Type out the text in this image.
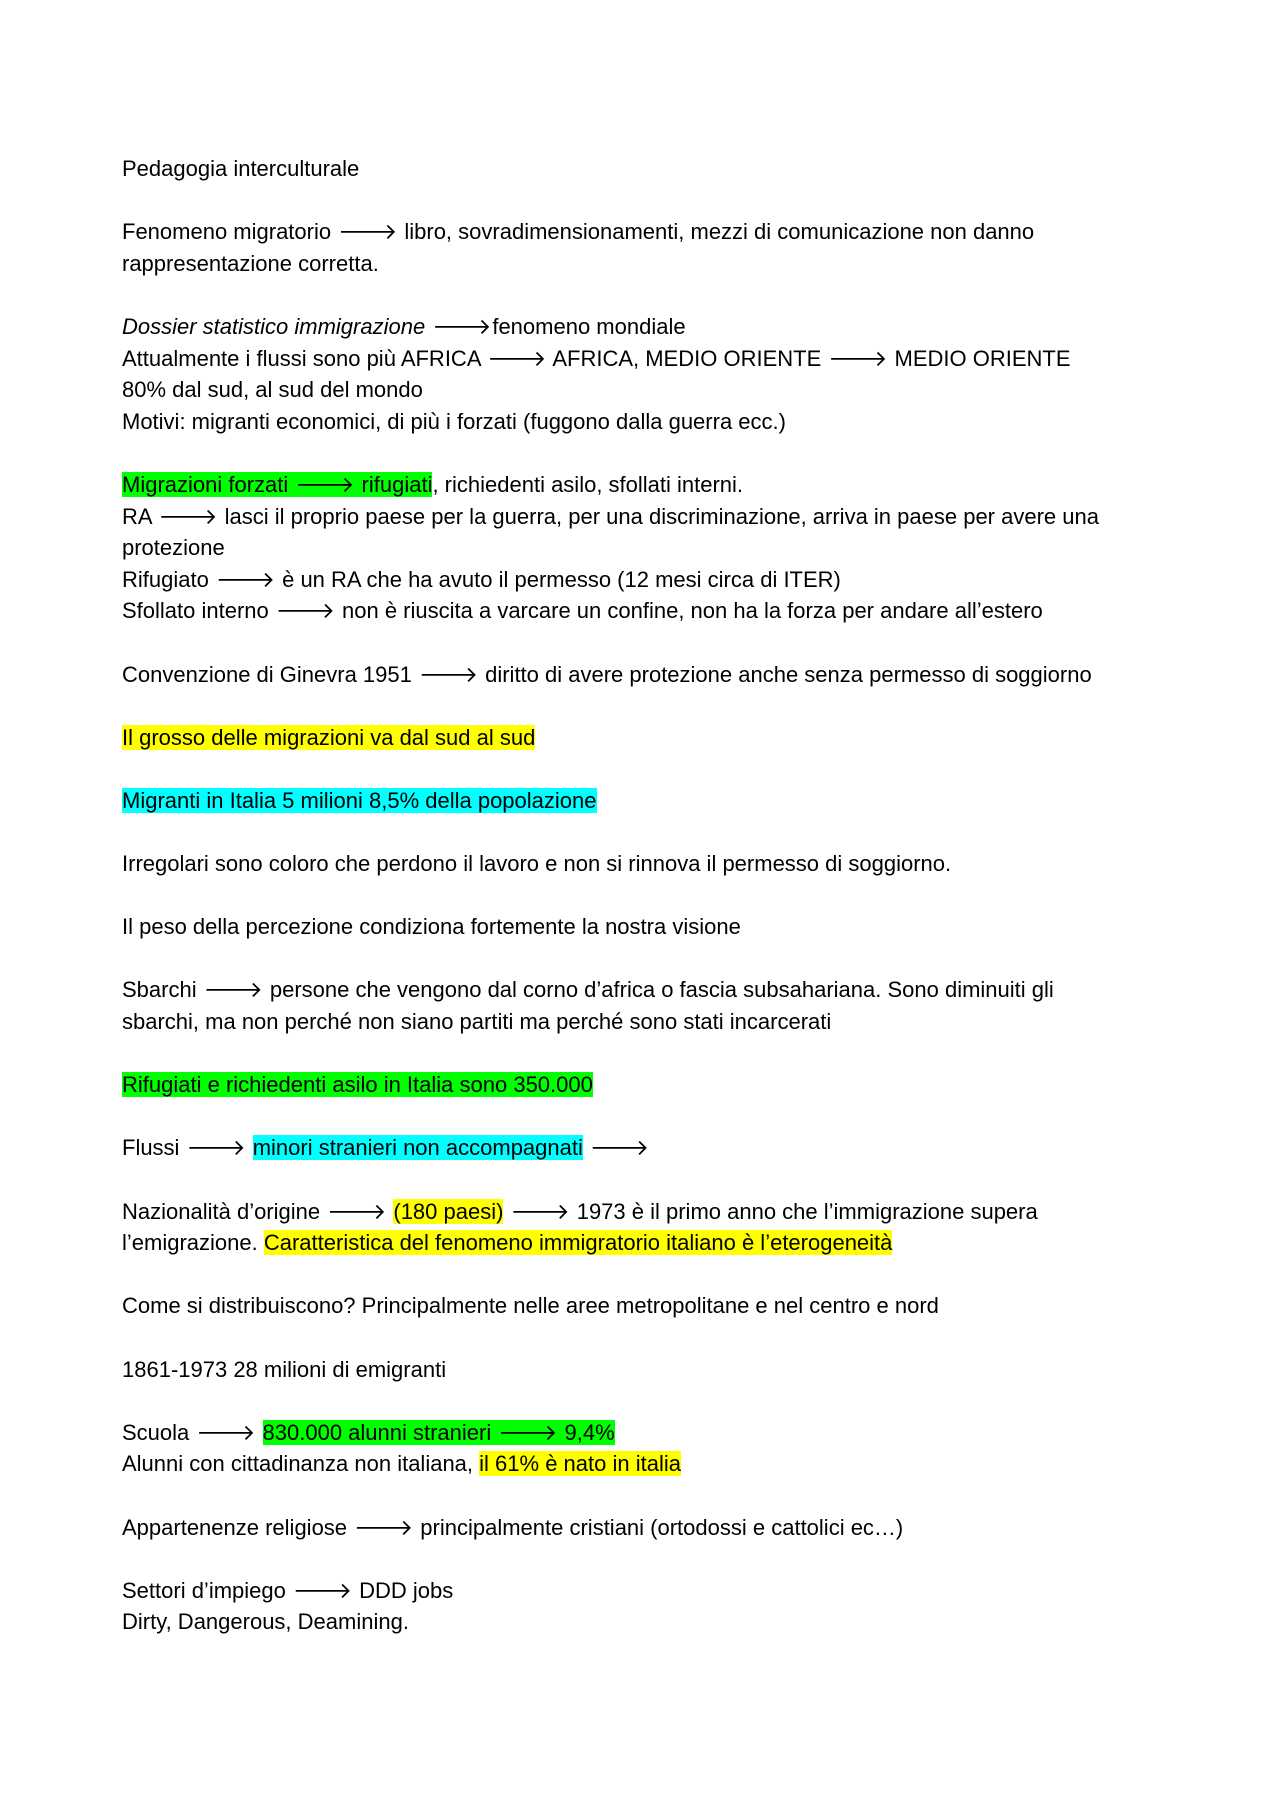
Pedagogia interculturale
Fenomeno migratorio 🡒 libro, sovradimensionamenti, mezzi di comunicazione non danno
rappresentazione corretta.
Dossier statistico immigrazione 🡒fenomeno mondiale
Attualmente i flussi sono più AFRICA 🡒 AFRICA, MEDIO ORIENTE 🡒 MEDIO ORIENTE
80% dal sud, al sud del mondo
Motivi: migranti economici, di più i forzati (fuggono dalla guerra ecc.)
Migrazioni forzati 🡒 rifugiati, richiedenti asilo, sfollati interni.
RA 🡒 lasci il proprio paese per la guerra, per una discriminazione, arriva in paese per avere una
protezione
Rifugiato 🡒 è un RA che ha avuto il permesso (12 mesi circa di ITER)
Sfollato interno 🡒 non è riuscita a varcare un confine, non ha la forza per andare all’estero
Convenzione di Ginevra 1951 🡒 diritto di avere protezione anche senza permesso di soggiorno
Il grosso delle migrazioni va dal sud al sud
Migranti in Italia 5 milioni 8,5% della popolazione
Irregolari sono coloro che perdono il lavoro e non si rinnova il permesso di soggiorno.
Il peso della percezione condiziona fortemente la nostra visione
Sbarchi 🡒 persone che vengono dal corno d’africa o fascia subsahariana. Sono diminuiti gli
sbarchi, ma non perché non siano partiti ma perché sono stati incarcerati
Rifugiati e richiedenti asilo in Italia sono 350.000
Flussi 🡒 minori stranieri non accompagnati 🡒
Nazionalità d’origine 🡒 (180 paesi) 🡒 1973 è il primo anno che l’immigrazione supera
l’emigrazione. Caratteristica del fenomeno immigratorio italiano è l’eterogeneità
Come si distribuiscono? Principalmente nelle aree metropolitane e nel centro e nord
1861-1973 28 milioni di emigranti
Scuola 🡒 830.000 alunni stranieri 🡒 9,4%
Alunni con cittadinanza non italiana, il 61% è nato in italia
Appartenenze religiose 🡒 principalmente cristiani (ortodossi e cattolici ec…)
Settori d’impiego 🡒 DDD jobs
Dirty, Dangerous, Deamining.
